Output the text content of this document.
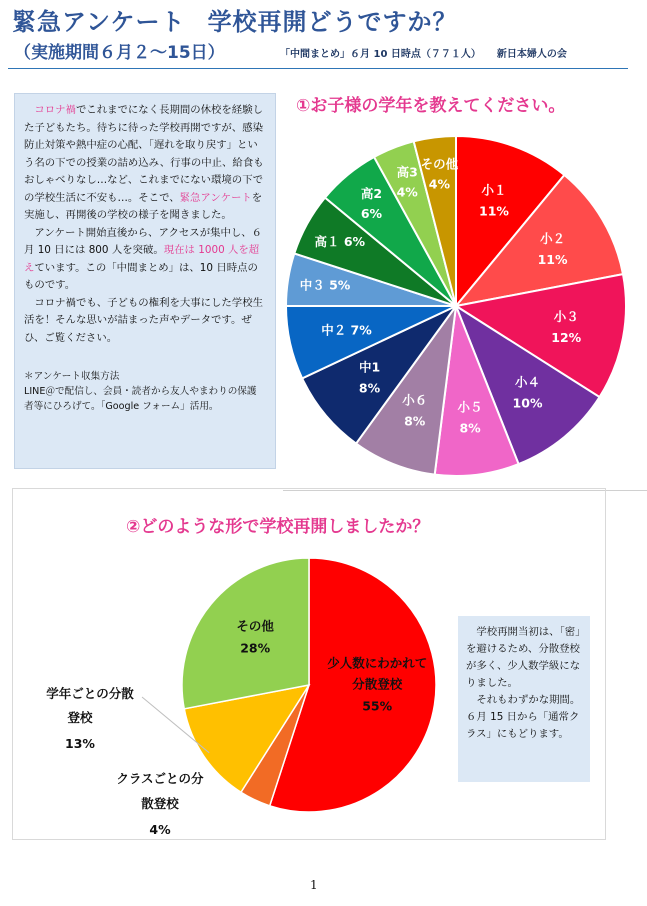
緊急アンケート 学校再開どうですか？
（実施期間６月２〜15日）	「中間まとめ」６月 10 日時点（７７１人） 新日本婦人の会

コロナ禍でこれまでになく長期間の休校を経験した子どもたち。待ちに待った学校再開ですが、感染防止対策や熱中症の心配、「遅れを取り戻す」という名の下での授業の詰め込み、行事の中止、給食もおしゃべりなし…など、これまでにない環境の下での学校生活に不安も…。そこで、緊急アンケートを実施し、再開後の学校の様子を聞きました。

アンケート開始直後から、アクセスが集中し、６月 10 日には 800 人を突破。現在は 1000 人を超えています。この「中間まとめ」は、10 日時点のものです。

コロナ禍でも、子どもの権利を大事にした学校生活を！そんな思いが詰まった声やデータです。ぜひ、ご覧ください。

＊アンケート収集方法
LINE＠で配信し、会員・読者から友人やまわりの保護者等にひろげて。「Google フォーム」活用。
①お子様の学年を教えてください。
②どのような形で学校再開しましたか？

学校再開当初は、「密」を避けるため、分散登校が多く、少人数学級になりました。

それもわずかな期間。６月 15 日から「通常クラス」にもどります。

1
小１
11%
小２
11%
小３
12%
小４
10%
小５
8%
小６
8%
中1
8%
中２ 7%
中３ 5%
高１ 6%
高2
6%
高3
4%
その他
4%
少人数にわかれて
分散登校
55%
その他
28%
学年ごとの分散
登校
13%
クラスごとの分
散登校
4%
